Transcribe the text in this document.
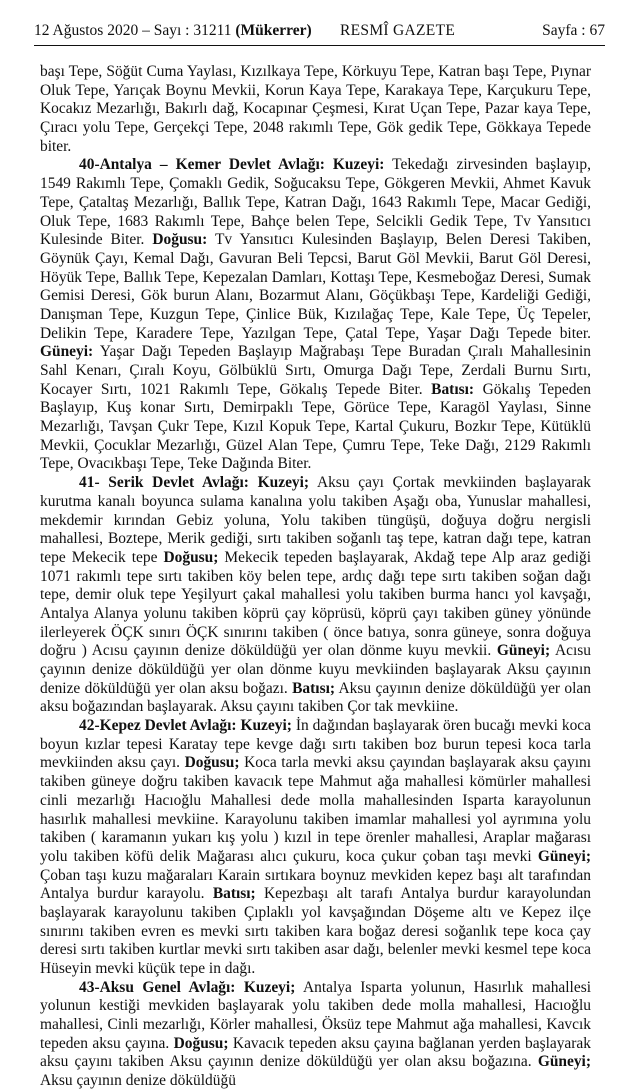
12 Ağustos 2020 – Sayı : 31211 (Mükerrer) RESMÎ GAZETE	Sayfa : 67

başı Tepe, Söğüt Cuma Yaylası, Kızılkaya Tepe, Körkuyu Tepe, Katran başı Tepe, Pıynar Oluk Tepe, Yarıçak Boynu Mevkii, Korun Kaya Tepe, Karakaya Tepe, Karçukuru Tepe, Kocakız Mezarlığı, Bakırlı dağ, Kocapınar Çeşmesi, Kırat Uçan Tepe, Pazar kaya Tepe, Çıracı yolu Tepe, Gerçekçi Tepe, 2048 rakımlı Tepe, Gök gedik Tepe, Gökkaya Tepede biter.

40-Antalya – Kemer Devlet Avlağı: Kuzeyi: Tekedağı zirvesinden başlayıp, 1549 Rakımlı Tepe, Çomaklı Gedik, Soğucaksu Tepe, Gökgeren Mevkii, Ahmet Kavuk Tepe, Çataltaş Mezarlığı, Ballık Tepe, Katran Dağı, 1643 Rakımlı Tepe, Macar Gediği, Oluk Tepe, 1683 Rakımlı Tepe, Bahçe belen Tepe, Selcikli Gedik Tepe, Tv Yansıtıcı Kulesinde Biter. Doğusu: Tv Yansıtıcı Kulesinden Başlayıp, Belen Deresi Takiben, Göynük Çayı, Kemal Dağı, Gavuran Beli Tepcsi, Barut Göl Mevkii, Barut Göl Deresi, Höyük Tepe, Ballık Tepe, Kepezalan Damları, Kottaşı Tepe, Kesmeboğaz Deresi, Sumak Gemisi Deresi, Gök burun Alanı, Bozarmut Alanı, Göçükbaşı Tepe, Kardeliği Gediği, Danışman Tepe, Kuzgun Tepe, Çinlice Bük, Kızılağaç Tepe, Kale Tepe, Üç Tepeler, Delikin Tepe, Karadere Tepe, Yazılgan Tepe, Çatal Tepe, Yaşar Dağı Tepede biter. Güneyi: Yaşar Dağı Tepeden Başlayıp Mağrabaşı Tepe Buradan Çıralı Mahallesinin Sahl Kenarı, Çıralı Koyu, Gölbüklü Sırtı, Omurga Dağı Tepe, Zerdali Burnu Sırtı, Kocayer Sırtı, 1021 Rakımlı Tepe, Gökalış Tepede Biter. Batısı: Gökalış Tepeden Başlayıp, Kuş konar Sırtı, Demirpaklı Tepe, Görüce Tepe, Karagöl Yaylası, Sinne Mezarlığı, Tavşan Çukr Tepe, Kızıl Kopuk Tepe, Kartal Çukuru, Bozkır Tepe, Kütüklü Mevkii, Çocuklar Mezarlığı, Güzel Alan Tepe, Çumru Tepe, Teke Dağı, 2129 Rakımlı Tepe, Ovacıkbaşı Tepe, Teke Dağında Biter.

41- Serik Devlet Avlağı: Kuzeyi; Aksu çayı Çortak mevkiinden başlayarak kurutma kanalı boyunca sulama kanalına yolu takiben Aşağı oba, Yunuslar mahallesi, mekdemir kırından Gebiz yoluna, Yolu takiben tüngüşü, doğuya doğru nergisli mahallesi, Boztepe, Merik gediği, sırtı takiben soğanlı taş tepe, katran dağı tepe, katran tepe Mekecik tepe Doğusu; Mekecik tepeden başlayarak, Akdağ tepe Alp araz gediği 1071 rakımlı tepe sırtı takiben köy belen tepe, ardıç dağı tepe sırtı takiben soğan dağı tepe, demir oluk tepe Yeşilyurt çakal mahallesi yolu takiben burma hancı yol kavşağı, Antalya Alanya yolunu takiben köprü çay köprüsü, köprü çayı takiben güney yönünde ilerleyerek ÖÇK sınırı ÖÇK sınırını takiben ( önce batıya, sonra güneye, sonra doğuya doğru ) Acısu çayının denize döküldüğü yer olan dönme kuyu mevkii. Güneyi; Acısu çayının denize döküldüğü yer olan dönme kuyu mevkiinden başlayarak Aksu çayının denize döküldüğü yer olan aksu boğazı. Batısı; Aksu çayının denize döküldüğü yer olan aksu boğazından başlayarak. Aksu çayını takiben Çor tak mevkiine.

42-Kepez Devlet Avlağı: Kuzeyi; İn dağından başlayarak ören bucağı mevki koca boyun kızlar tepesi Karatay tepe kevge dağı sırtı takiben boz burun tepesi koca tarla mevkiinden aksu çayı. Doğusu; Koca tarla mevki aksu çayından başlayarak aksu çayını takiben güneye doğru takiben kavacık tepe Mahmut ağa mahallesi kömürler mahallesi cinli mezarlığı Hacıoğlu Mahallesi dede molla mahallesinden Isparta karayolunun hasırlık mahallesi mevkiine. Karayolunu takiben imamlar mahallesi yol ayrımına yolu takiben ( karamanın yukarı kış yolu ) kızıl in tepe örenler mahallesi, Araplar mağarası yolu takiben köfü delik Mağarası alıcı çukuru, koca çukur çoban taşı mevki Güneyi; Çoban taşı kuzu mağaraları Karain sırtıkara boynuz mevkiden kepez başı alt tarafından Antalya burdur karayolu. Batısı; Kepezbaşı alt tarafı Antalya burdur karayolundan başlayarak karayolunu takiben Çıplaklı yol kavşağından Döşeme altı ve Kepez ilçe sınırını takiben evren es mevki sırtı takiben kara boğaz deresi soğanlık tepe koca çay deresi sırtı takiben kurtlar mevki sırtı takiben asar dağı, belenler mevki kesmel tepe koca Hüseyin mevki küçük tepe in dağı.

43-Aksu Genel Avlağı: Kuzeyi; Antalya Isparta yolunun, Hasırlık mahallesi yolunun kestiği mevkiden başlayarak yolu takiben dede molla mahallesi, Hacıoğlu mahallesi, Cinli mezarlığı, Körler mahallesi, Öksüz tepe Mahmut ağa mahallesi, Kavcık tepeden aksu çayına. Doğusu; Kavacık tepeden aksu çayına bağlanan yerden başlayarak aksu çayını takiben Aksu çayının denize döküldüğü yer olan aksu boğazına. Güneyi; Aksu çayının denize döküldüğü
